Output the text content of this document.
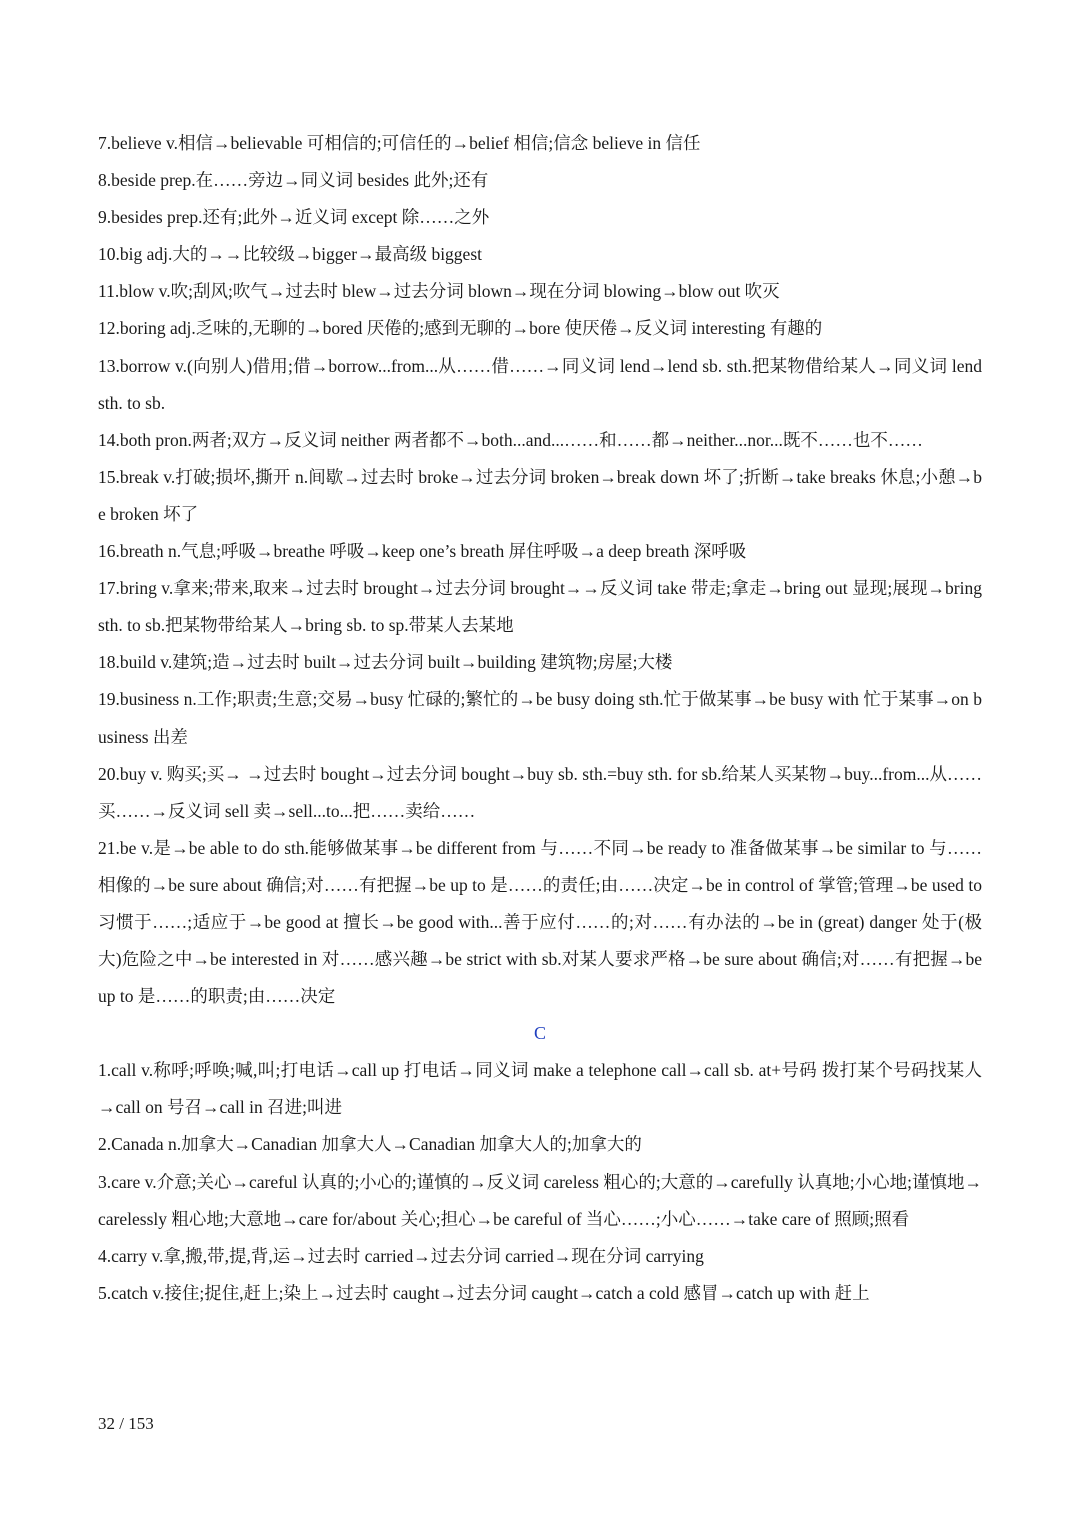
7.believe v.相信→believable 可相信的;可信任的→belief 相信;信念 believe in 信任

8.beside prep.在……旁边→同义词 besides 此外;还有

9.besides prep.还有;此外→近义词 except 除……之外

10.big adj.大的→→比较级→bigger→最高级 biggest

11.blow v.吹;刮风;吹气→过去时 blew→过去分词 blown→现在分词 blowing→blow out 吹灭

12.boring adj.乏味的,无聊的→bored 厌倦的;感到无聊的→bore 使厌倦→反义词 interesting 有趣的

13.borrow v.(向别人)借用;借→borrow...from...从……借……→同义词 lend→lend sb. sth.把某物借给某人→同义词 lend sth. to sb.

14.both pron.两者;双方→反义词 neither 两者都不→both...and...……和……都→neither...nor...既不……也不……

15.break v.打破;损坏,撕开 n.间歇→过去时 broke→过去分词 broken→break down 坏了;折断→take breaks 休息;小憩→be broken 坏了

16.breath n.气息;呼吸→breathe 呼吸→keep one’s breath 屏住呼吸→a deep breath 深呼吸

17.bring v.拿来;带来,取来→过去时 brought→过去分词 brought→→反义词 take 带走;拿走→bring out 显现;展现→bring sth. to sb.把某物带给某人→bring sb. to sp.带某人去某地

18.build v.建筑;造→过去时 built→过去分词 built→building 建筑物;房屋;大楼

19.business n.工作;职责;生意;交易→busy 忙碌的;繁忙的→be busy doing sth.忙于做某事→be busy with 忙于某事→on business 出差

20.buy v. 购买;买→ →过去时 bought→过去分词 bought→buy sb. sth.=buy sth. for sb.给某人买某物→buy...from...从……买……→反义词 sell 卖→sell...to...把……卖给……

21.be v.是→be able to do sth.能够做某事→be different from 与……不同→be ready to 准备做某事→be similar to 与……相像的→be sure about 确信;对……有把握→be up to 是……的责任;由……决定→be in control of 掌管;管理→be used to 习惯于……;适应于→be good at 擅长→be good with...善于应付……的;对……有办法的→be in (great) danger 处于(极大)危险之中→be interested in 对……感兴趣→be strict with sb.对某人要求严格→be sure about 确信;对……有把握→be up to 是……的职责;由……决定

C

1.call v.称呼;呼唤;喊,叫;打电话→call up 打电话→同义词 make a telephone call→call sb. at+号码 拨打某个号码找某人→call on 号召→call in 召进;叫进

2.Canada n.加拿大→Canadian 加拿大人→Canadian 加拿大人的;加拿大的

3.care v.介意;关心→careful 认真的;小心的;谨慎的→反义词 careless 粗心的;大意的→carefully 认真地;小心地;谨慎地→carelessly 粗心地;大意地→care for/about 关心;担心→be careful of 当心……;小心……→take care of 照顾;照看

4.carry v.拿,搬,带,提,背,运→过去时 carried→过去分词 carried→现在分词 carrying

5.catch v.接住;捉住,赶上;染上→过去时 caught→过去分词 caught→catch a cold 感冒→catch up with 赶上

32 / 153
